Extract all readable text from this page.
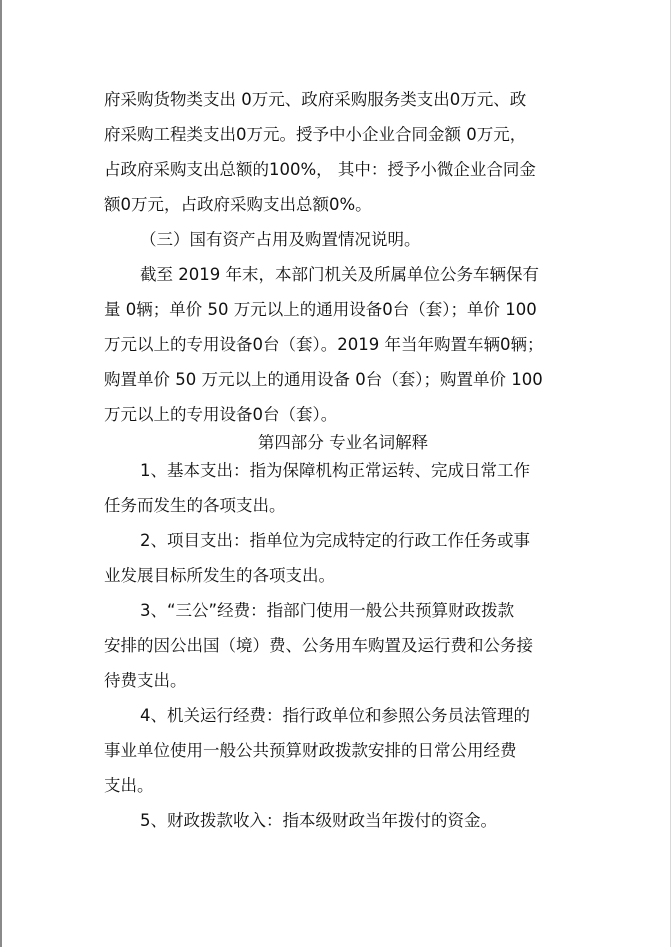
府采购货物类支出 0万元、政府采购服务类支出0万元、政
府采购工程类支出0万元。授予中小企业合同金额 0万元，
占政府采购支出总额的100%， 其中：授予小微企业合同金
额0万元，占政府采购支出总额0%。
（三）国有资产占用及购置情况说明。
截至 2019 年末，本部门机关及所属单位公务车辆保有
量 0辆；单价 50 万元以上的通用设备0台（套）；单价 100
万元以上的专用设备0台（套）。2019 年当年购置车辆0辆；
购置单价 50 万元以上的通用设备 0台（套）；购置单价 100
万元以上的专用设备0台（套）。
第四部分 专业名词解释
1、基本支出：指为保障机构正常运转、完成日常工作
任务而发生的各项支出。
2、项目支出：指单位为完成特定的行政工作任务或事
业发展目标所发生的各项支出。
3、“三公”经费：指部门使用一般公共预算财政拨款
安排的因公出国（境）费、公务用车购置及运行费和公务接
待费支出。
4、机关运行经费：指行政单位和参照公务员法管理的
事业单位使用一般公共预算财政拨款安排的日常公用经费
支出。
5、财政拨款收入：指本级财政当年拨付的资金。
